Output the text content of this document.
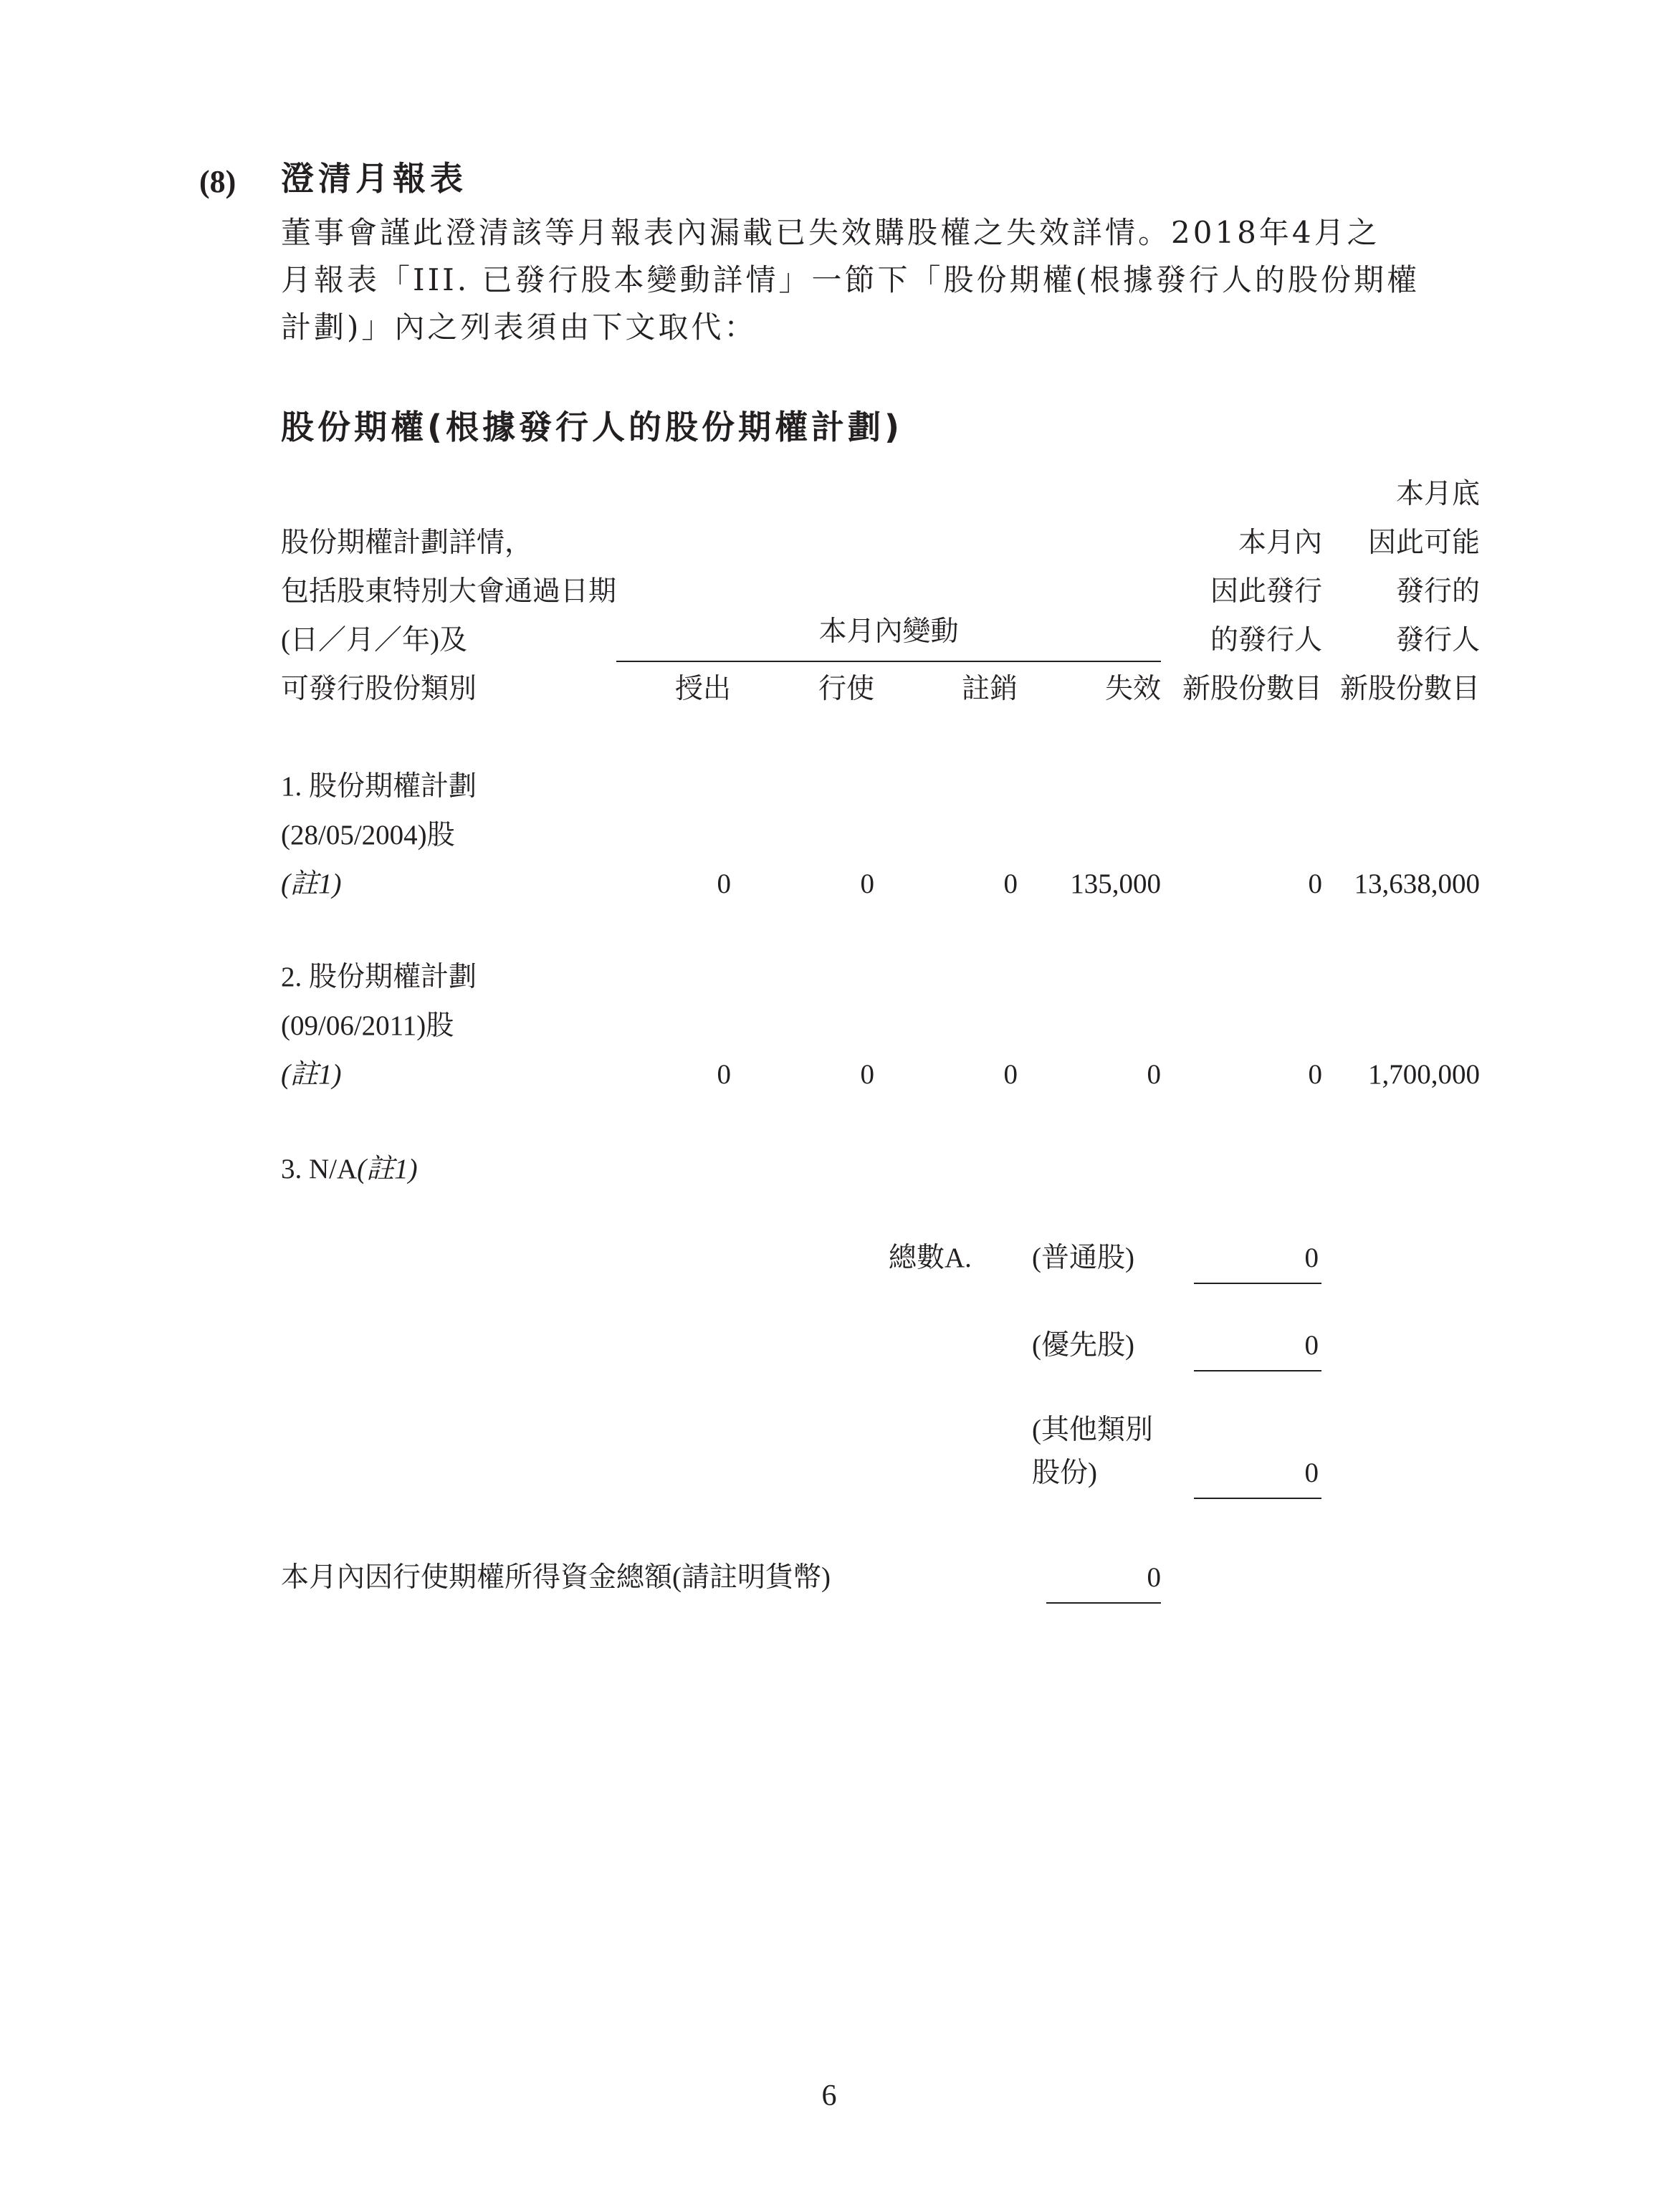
(8) 澄清月報表
董事會謹此澄清該等月報表內漏載已失效購股權之失效詳情。2018年4月之
月報表「III. 已發行股本變動詳情」一節下「股份期權(根據發行人的股份期權
計劃)」內之列表須由下文取代：
股份期權(根據發行人的股份期權計劃)
股份期權計劃詳情，
包括股東特別大會通過日期
(日／月／年)及
可發行股份類別
本月內變動
授出	行使	註銷	失效
本月內
因此發行
的發行人
新股份數目
本月底
因此可能
發行的
發行人
新股份數目
1. 股份期權計劃
(28/05/2004)股
(註1)	0	0	0	135,000	0	13,638,000
2. 股份期權計劃
(09/06/2011)股
(註1)	0	0	0	0	0	1,700,000
3. N/A(註1)
總數A. (普通股)	0
(優先股)	0
(其他類別
股份)	0
本月內因行使期權所得資金總額(請註明貨幣)	0
6
